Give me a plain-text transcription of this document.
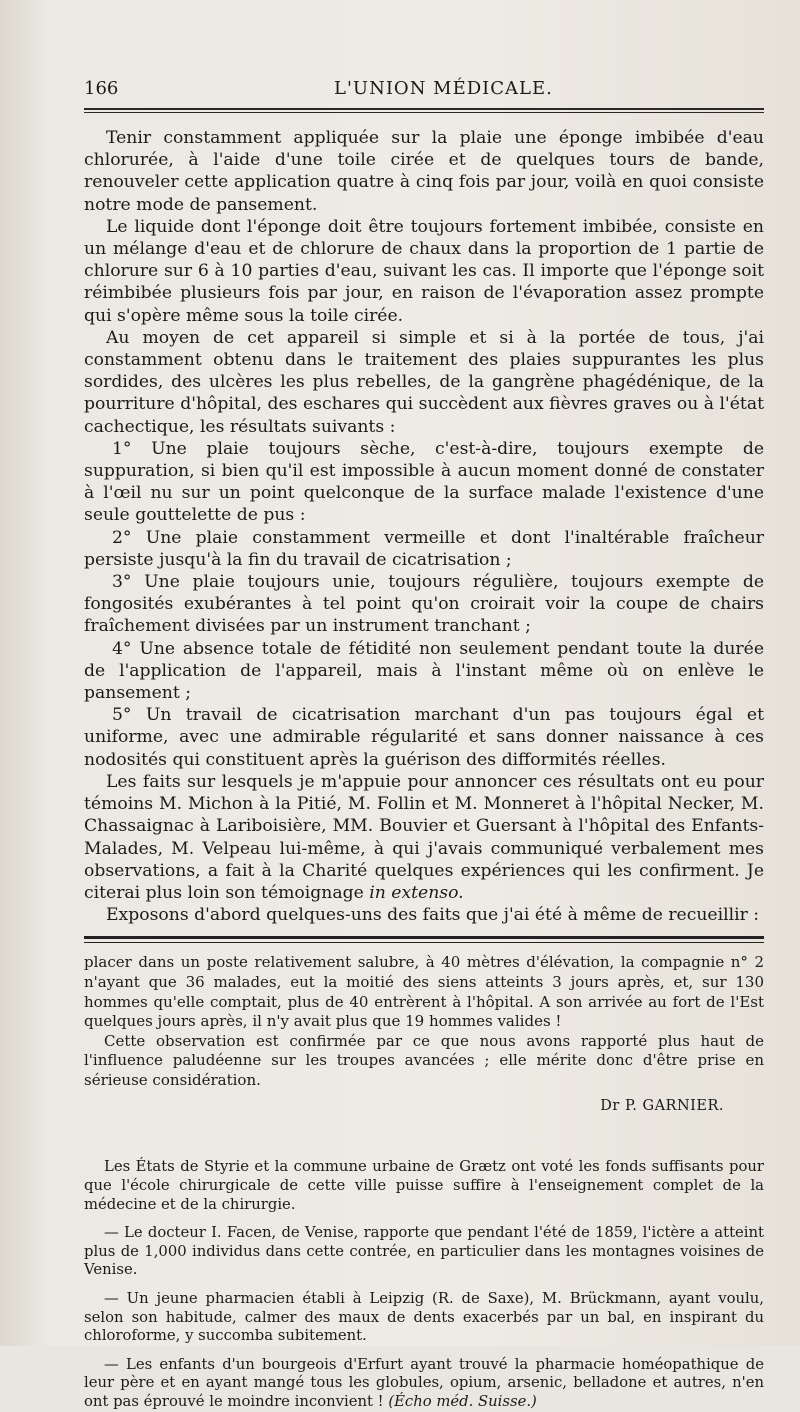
166	L'UNION MÉDICALE.

Tenir constamment appliquée sur la plaie une éponge imbibée d'eau chlorurée, à l'aide d'une toile cirée et de quelques tours de bande, renouveler cette application quatre à cinq fois par jour, voilà en quoi consiste notre mode de pansement.

Le liquide dont l'éponge doit être toujours fortement imbibée, consiste en un mélange d'eau et de chlorure de chaux dans la proportion de 1 partie de chlorure sur 6 à 10 parties d'eau, suivant les cas. Il importe que l'éponge soit réimbibée plusieurs fois par jour, en raison de l'évaporation assez prompte qui s'opère même sous la toile cirée.

Au moyen de cet appareil si simple et si à la portée de tous, j'ai constamment obtenu dans le traitement des plaies suppurantes les plus sordides, des ulcères les plus rebelles, de la gangrène phagédénique, de la pourriture d'hôpital, des eschares qui succèdent aux fièvres graves ou à l'état cachectique, les résultats suivants :

1° Une plaie toujours sèche, c'est-à-dire, toujours exempte de suppuration, si bien qu'il est impossible à aucun moment donné de constater à l'œil nu sur un point quelconque de la surface malade l'existence d'une seule gouttelette de pus :

2° Une plaie constamment vermeille et dont l'inaltérable fraîcheur persiste jusqu'à la fin du travail de cicatrisation ;

3° Une plaie toujours unie, toujours régulière, toujours exempte de fongosités exubérantes à tel point qu'on croirait voir la coupe de chairs fraîchement divisées par un instrument tranchant ;

4° Une absence totale de fétidité non seulement pendant toute la durée de l'application de l'appareil, mais à l'instant même où on enlève le pansement ;

5° Un travail de cicatrisation marchant d'un pas toujours égal et uniforme, avec une admirable régularité et sans donner naissance à ces nodosités qui constituent après la guérison des difformités réelles.

Les faits sur lesquels je m'appuie pour annoncer ces résultats ont eu pour témoins M. Michon à la Pitié, M. Follin et M. Monneret à l'hôpital Necker, M. Chassaignac à Lariboisière, MM. Bouvier et Guersant à l'hôpital des Enfants-Malades, M. Velpeau lui-même, à qui j'avais communiqué verbalement mes observations, a fait à la Charité quelques expériences qui les confirment. Je citerai plus loin son témoignage in extenso.

Exposons d'abord quelques-uns des faits que j'ai été à même de recueillir :

placer dans un poste relativement salubre, à 40 mètres d'élévation, la compagnie n° 2 n'ayant que 36 malades, eut la moitié des siens atteints 3 jours après, et, sur 130 hommes qu'elle comptait, plus de 40 entrèrent à l'hôpital. A son arrivée au fort de l'Est quelques jours après, il n'y avait plus que 19 hommes valides !

Cette observation est confirmée par ce que nous avons rapporté plus haut de l'influence paludéenne sur les troupes avancées ; elle mérite donc d'être prise en sérieuse considération.

Dr P. GARNIER.

Les États de Styrie et la commune urbaine de Grætz ont voté les fonds suffisants pour que l'école chirurgicale de cette ville puisse suffire à l'enseignement complet de la médecine et de la chirurgie.

— Le docteur I. Facen, de Venise, rapporte que pendant l'été de 1859, l'ictère a atteint plus de 1,000 individus dans cette contrée, en particulier dans les montagnes voisines de Venise.

— Un jeune pharmacien établi à Leipzig (R. de Saxe), M. Brückmann, ayant voulu, selon son habitude, calmer des maux de dents exacerbés par un bal, en inspirant du chloroforme, y succomba subitement.

— Les enfants d'un bourgeois d'Erfurt ayant trouvé la pharmacie homéopathique de leur père et en ayant mangé tous les globules, opium, arsenic, belladone et autres, n'en ont pas éprouvé le moindre inconvient ! (Écho méd. Suisse.)
